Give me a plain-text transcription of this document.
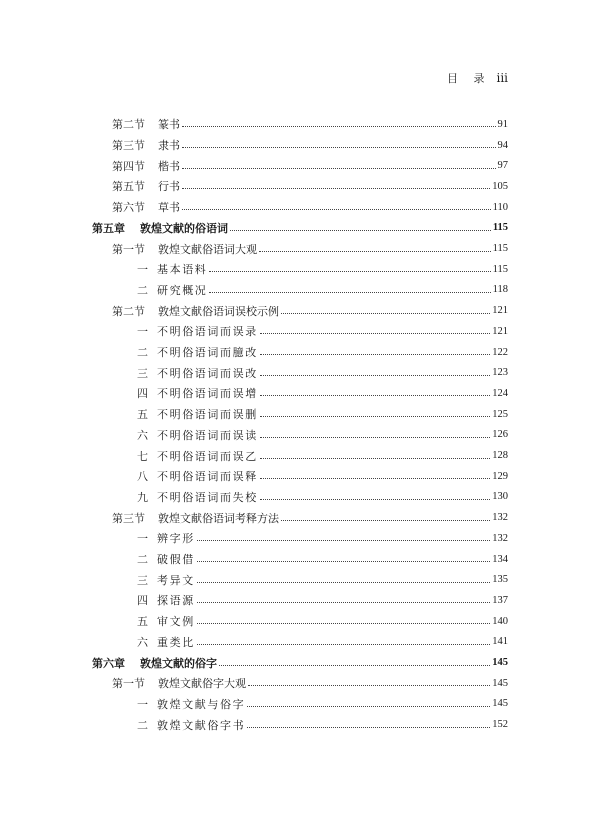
目 录 iii
第二节	篆书	91
第三节	隶书	94
第四节	楷书	97
第五节	行书	105
第六节	草书	110
第五章	敦煌文献的俗语词	115
第一节	敦煌文献俗语词大观	115
一 基本语料	115
二 研究概况	118
第二节	敦煌文献俗语词误校示例	121
一 不明俗语词而误录	121
二 不明俗语词而臆改	122
三 不明俗语词而误改	123
四 不明俗语词而误增	124
五 不明俗语词而误删	125
六 不明俗语词而误读	126
七 不明俗语词而误乙	128
八 不明俗语词而误释	129
九 不明俗语词而失校	130
第三节	敦煌文献俗语词考释方法	132
一 辨字形	132
二 破假借	134
三 考异文	135
四 探语源	137
五 审文例	140
六 重类比	141
第六章	敦煌文献的俗字	145
第一节	敦煌文献俗字大观	145
一 敦煌文献与俗字	145
二 敦煌文献俗字书	152
